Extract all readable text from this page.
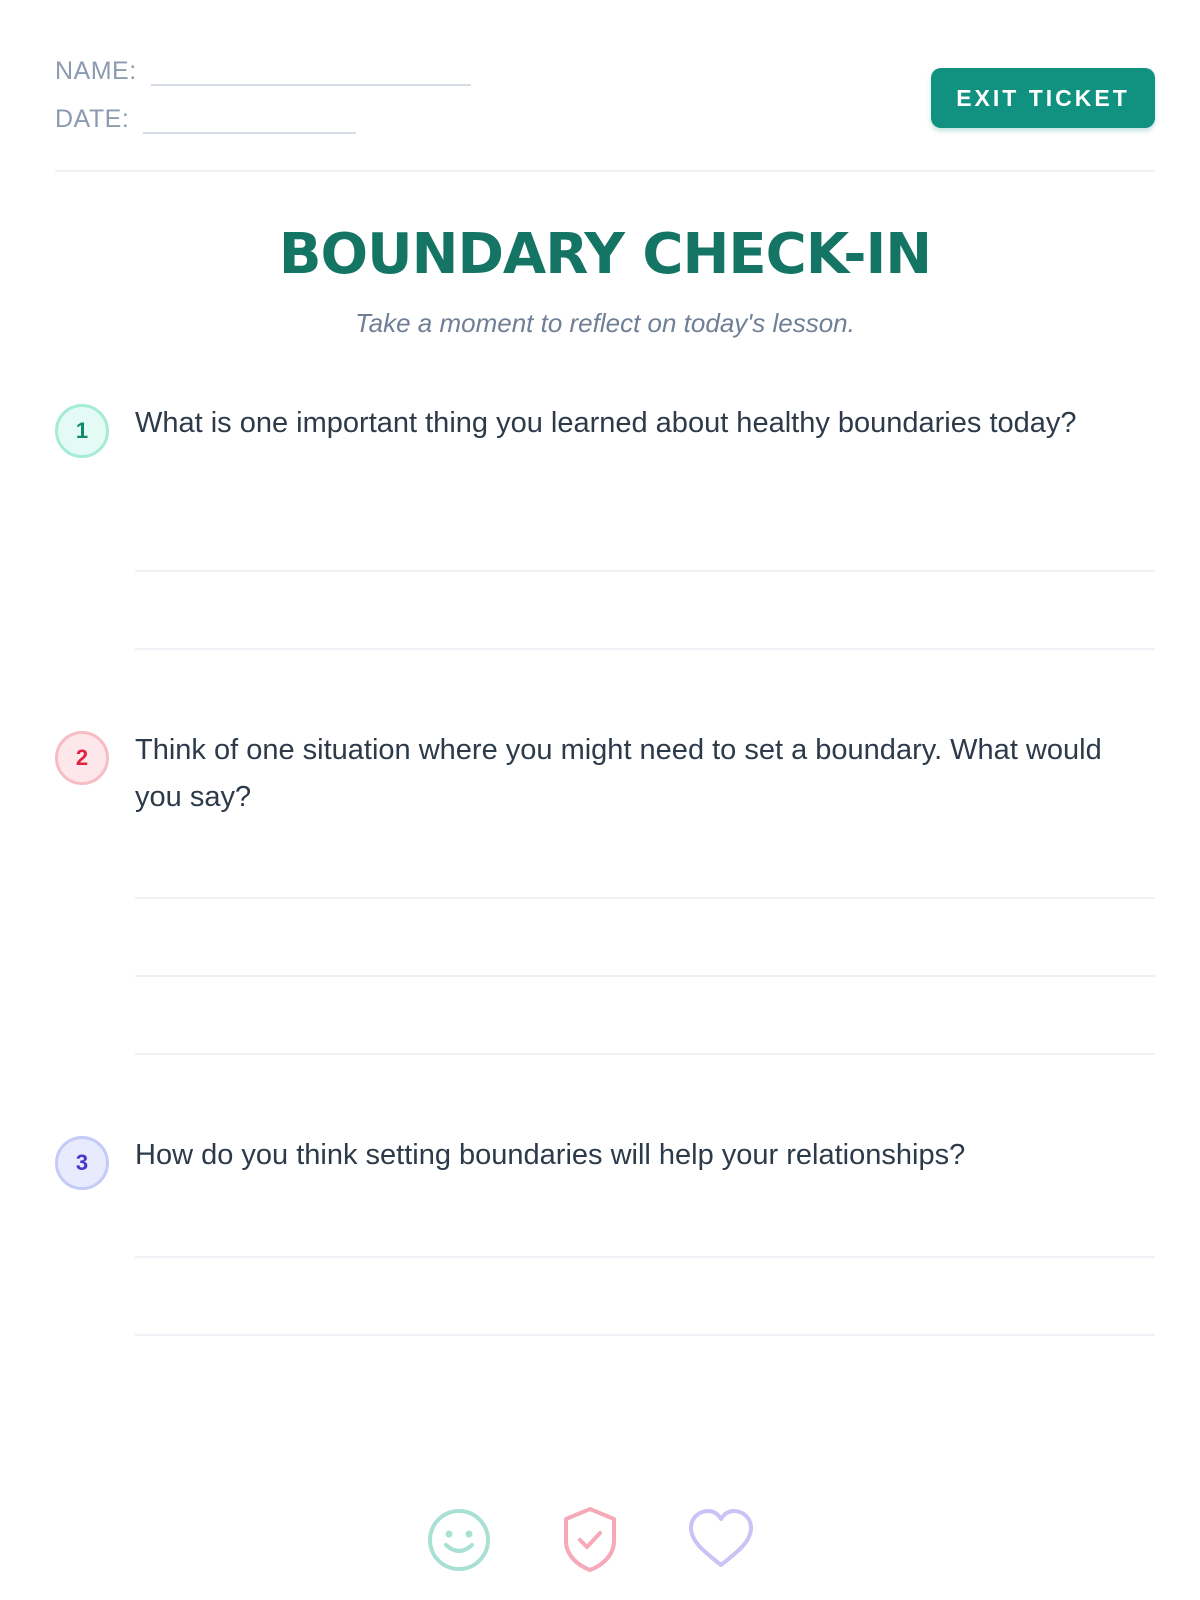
NAME:
DATE:
EXIT TICKET
BOUNDARY CHECK-IN
Take a moment to reflect on today's lesson.
1	What is one important thing you learned about healthy boundaries today?
2	Think of one situation where you might need to set a boundary. What would you say?
3	How do you think setting boundaries will help your relationships?
